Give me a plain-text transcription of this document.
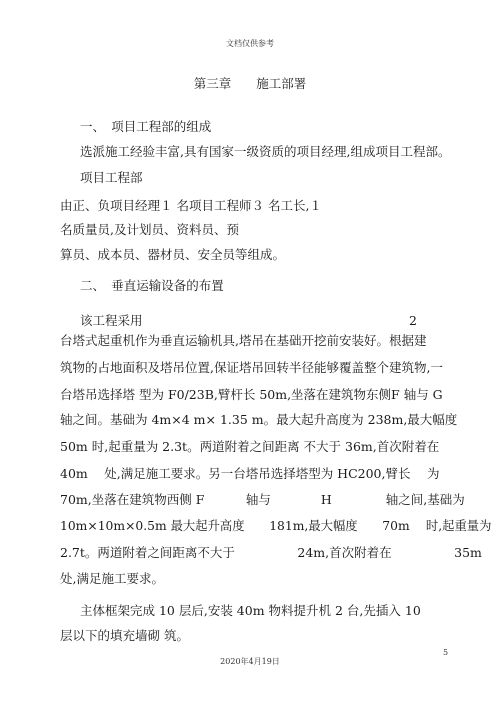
文档仅供参考
第三章　　施工部署
一、　项目工程部的组成
选派施工经验丰富,具有国家一级资质的项目经理,组成项目工程部。
项目工程部
由正、负项目经理１ 名项目工程师３ 名工长,１
名质量员,及计划员、资料员、预
算员、成本员、器材员、安全员等组成。
二、　垂直运输设备的布置
该工程采用　　　　　　　　　　　　　　　　　　　　　 2
台塔式起重机作为垂直运输机具,塔吊在基础开挖前安装好。根据建
筑物的占地面积及塔吊位置,保证塔吊回转半径能够覆盖整个建筑物,一
台塔吊选择塔 型为 F0/23B,臂杆长 50m,坐落在建筑物东侧F 轴与 G
轴之间。基础为 4m×4 m× 1.35 m。最大起升高度为 238m,最大幅度
50m 时,起重量为 2.3t。两道附着之间距离 不大于 36m,首次附着在
40m　 处,满足施工要求。另一台塔吊选择塔型为 HC200,臂长　 为
70m,坐落在建筑物西侧 F　　　 轴与　　　　H　　　　 轴之间,基础为
10m×10m×0.5m 最大起升高度　　181m,最大幅度　　70m　 时,起重量为
2.7t。两道附着之间距离不大于　　　　　24m,首次附着在　　　　　35m
处,满足施工要求。
主体框架完成 10 层后,安装 40m 物料提升机 2 台,先插入 10
层以下的填充墙砌 筑。
5
2020年4月19日
